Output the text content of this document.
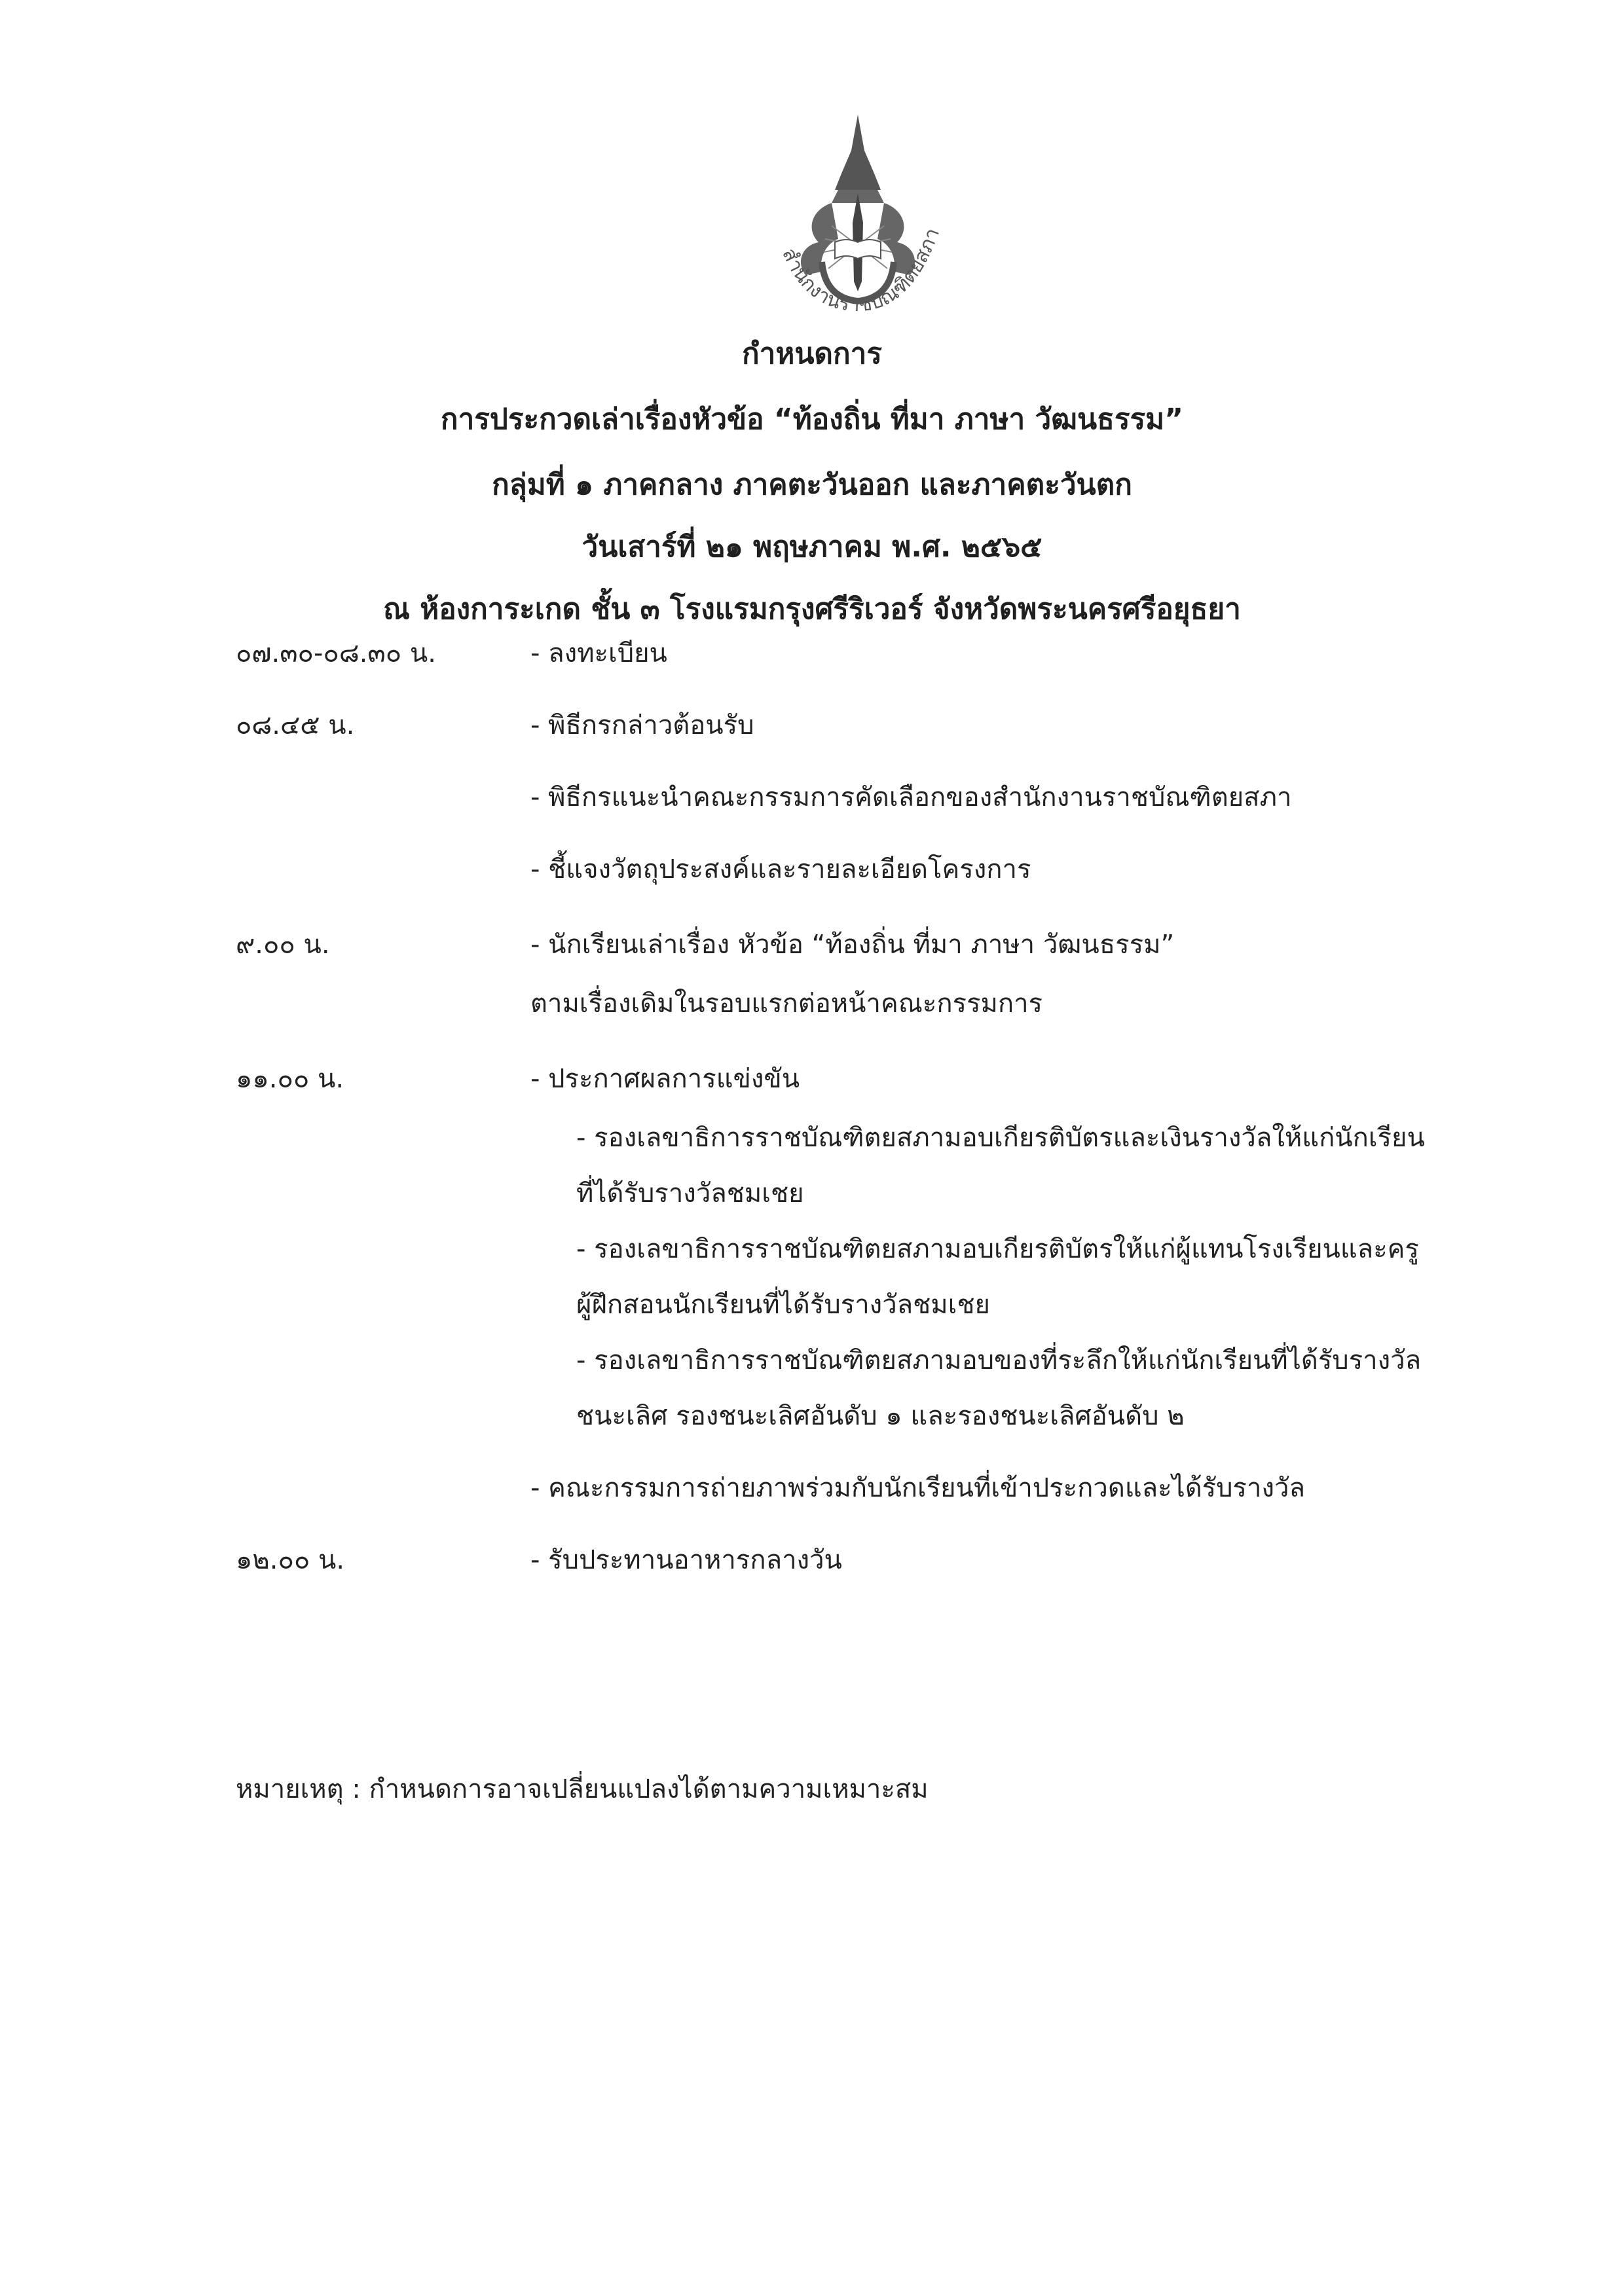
สำนักงานราชบัณฑิตยสภา
กำหนดการ
การประกวดเล่าเรื่องหัวข้อ “ท้องถิ่น ที่มา ภาษา วัฒนธรรม”
กลุ่มที่ ๑ ภาคกลาง ภาคตะวันออก และภาคตะวันตก
วันเสาร์ที่ ๒๑ พฤษภาคม พ.ศ. ๒๕๖๕
ณ ห้องการะเกด ชั้น ๓ โรงแรมกรุงศรีริเวอร์ จังหวัดพระนครศรีอยุธยา
๐๗.๓๐-๐๘.๓๐ น.	- ลงทะเบียน
๐๘.๔๕ น.	- พิธีกรกล่าวต้อนรับ
- พิธีกรแนะนำคณะกรรมการคัดเลือกของสำนักงานราชบัณฑิตยสภา
- ชี้แจงวัตถุประสงค์และรายละเอียดโครงการ
๙.๐๐ น.	- นักเรียนเล่าเรื่อง หัวข้อ “ท้องถิ่น ที่มา ภาษา วัฒนธรรม”
ตามเรื่องเดิมในรอบแรกต่อหน้าคณะกรรมการ
๑๑.๐๐ น.	- ประกาศผลการแข่งขัน
- รองเลขาธิการราชบัณฑิตยสภามอบเกียรติบัตรและเงินรางวัลให้แก่นักเรียน
ที่ได้รับรางวัลชมเชย
- รองเลขาธิการราชบัณฑิตยสภามอบเกียรติบัตรให้แก่ผู้แทนโรงเรียนและครู
ผู้ฝึกสอนนักเรียนที่ได้รับรางวัลชมเชย
- รองเลขาธิการราชบัณฑิตยสภามอบของที่ระลึกให้แก่นักเรียนที่ได้รับรางวัล
ชนะเลิศ รองชนะเลิศอันดับ ๑ และรองชนะเลิศอันดับ ๒
- คณะกรรมการถ่ายภาพร่วมกับนักเรียนที่เข้าประกวดและได้รับรางวัล
๑๒.๐๐ น.	- รับประทานอาหารกลางวัน
หมายเหตุ : กำหนดการอาจเปลี่ยนแปลงได้ตามความเหมาะสม
